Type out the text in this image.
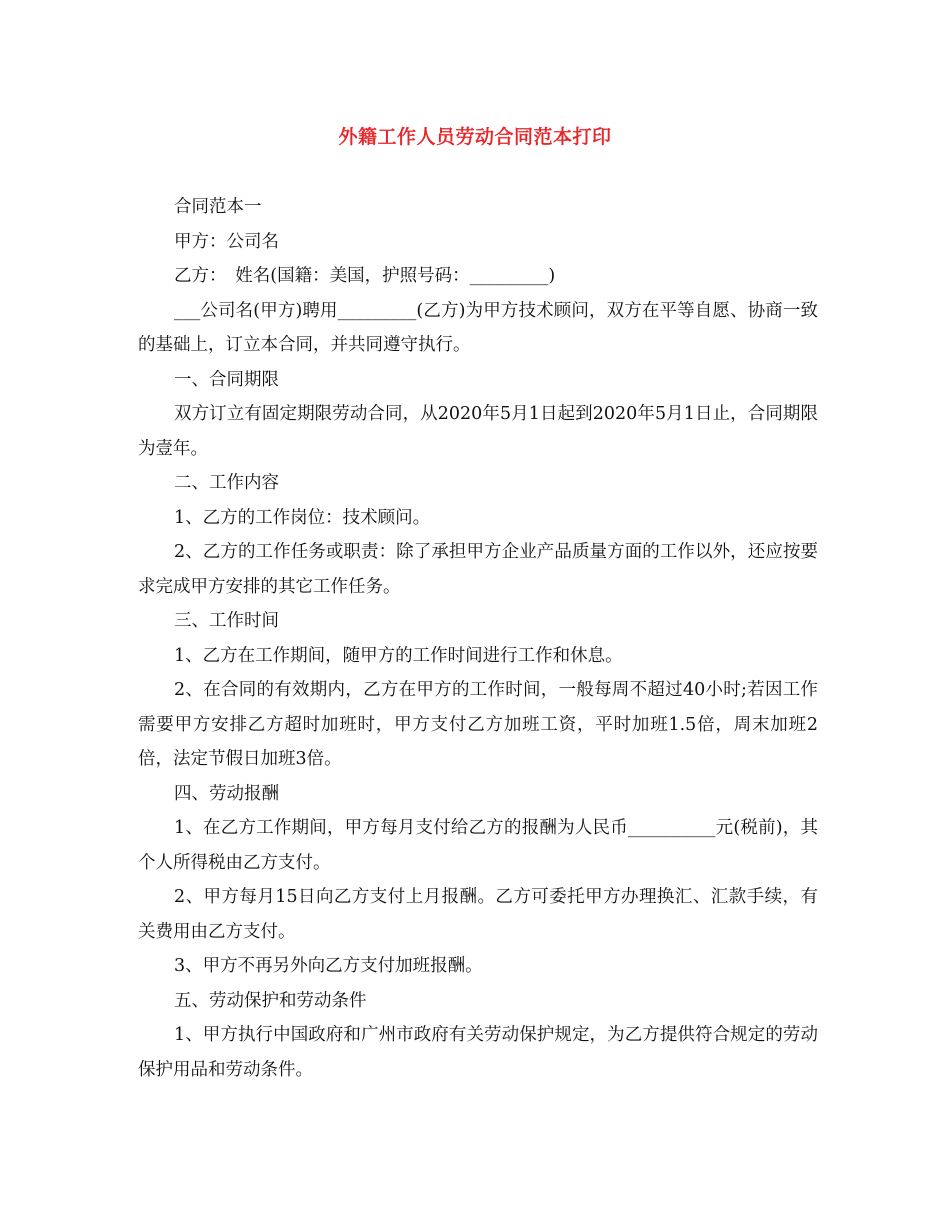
外籍工作人员劳动合同范本打印

合同范本一

甲方：公司名

乙方：　姓名(国籍：美国，护照号码：_________)

___公司名(甲方)聘用_________(乙方)为甲方技术顾问，双方在平等自愿、协商一致的基础上，订立本合同，并共同遵守执行。

一、合同期限

双方订立有固定期限劳动合同，从2020年5月1日起到2020年5月1日止，合同期限为壹年。

二、工作内容

1、乙方的工作岗位：技术顾问。

2、乙方的工作任务或职责：除了承担甲方企业产品质量方面的工作以外，还应按要求完成甲方安排的其它工作任务。

三、工作时间

1、乙方在工作期间，随甲方的工作时间进行工作和休息。

2、在合同的有效期内，乙方在甲方的工作时间，一般每周不超过40小时;若因工作需要甲方安排乙方超时加班时，甲方支付乙方加班工资，平时加班1.5倍，周末加班2倍，法定节假日加班3倍。

四、劳动报酬

1、在乙方工作期间，甲方每月支付给乙方的报酬为人民币__________元(税前)，其个人所得税由乙方支付。

2、甲方每月15日向乙方支付上月报酬。乙方可委托甲方办理换汇、汇款手续，有关费用由乙方支付。

3、甲方不再另外向乙方支付加班报酬。

五、劳动保护和劳动条件

1、甲方执行中国政府和广州市政府有关劳动保护规定，为乙方提供符合规定的劳动保护用品和劳动条件。
